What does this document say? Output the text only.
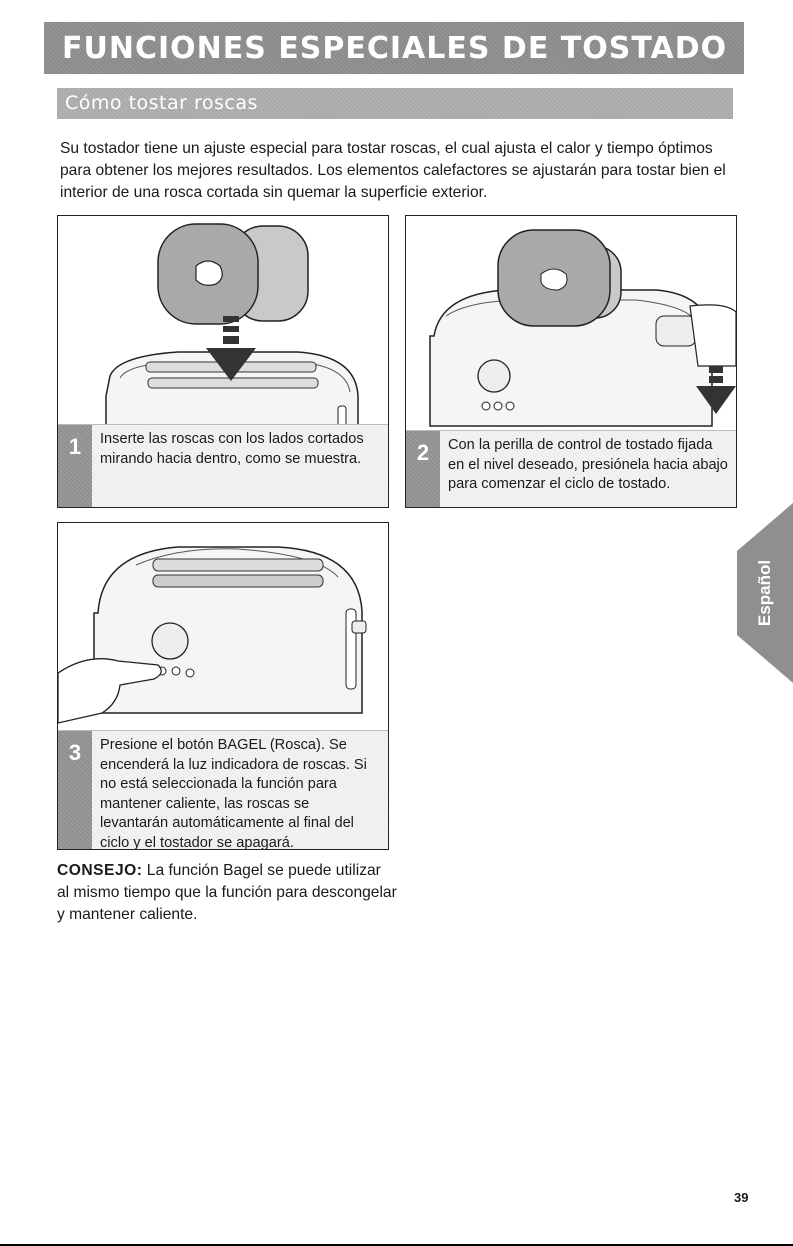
FUNCIONES ESPECIALES DE TOSTADO
Cómo tostar roscas

Su tostador tiene un ajuste especial para tostar roscas, el cual ajusta el calor y tiempo óptimos para obtener los mejores resultados. Los elementos calefactores se ajustarán para tostar bien el interior de una rosca cortada sin quemar la superficie exterior.

1	Inserte las roscas con los lados cortados mirando hacia dentro, como se muestra.	2	Con la perilla de control de tostado fijada en el nivel deseado, presiónela hacia abajo para comenzar el ciclo de tostado.
3	Presione el botón BAGEL (Rosca). Se encenderá la luz indicadora de roscas. Si no está seleccionada la función para mantener caliente, las roscas se levantarán automáticamente al final del ciclo y el tostador se apagará.

CONSEJO: La función Bagel se puede utilizar al mismo tiempo que la función para descongelar y mantener caliente.

Español
39
